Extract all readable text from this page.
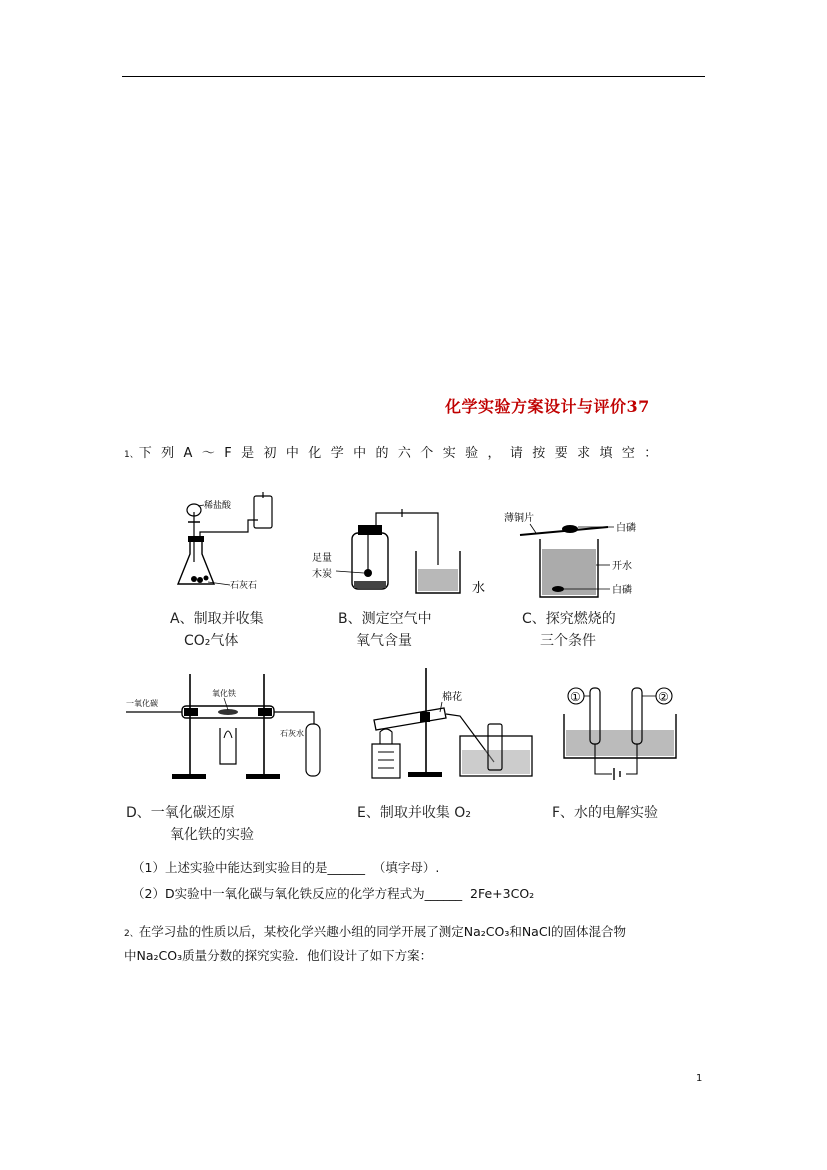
化学实验方案设计与评价37
1、下列A～F是初中化学中的六个实验，请按要求填空：
稀盐酸
石灰石
A、制取并收集
CO₂气体
足量
木炭
水
B、测定空气中
氧气含量
薄铜片
白磷
开水
白磷
C、探究燃烧的
三个条件
一氧化碳
氧化铁
石灰水
D、一氧化碳还原
氧化铁的实验
棉花
E、制取并收集 O₂
①	②
F、水的电解实验
（1）上述实验中能达到实验目的是______  （填字母）.
（2）D实验中一氧化碳与氧化铁反应的化学方程式为______  2Fe+3CO₂
2、在学习盐的性质以后，某校化学兴趣小组的同学开展了测定Na₂CO₃和NaCl的固体混合物
中Na₂CO₃质量分数的探究实验．他们设计了如下方案：
1
